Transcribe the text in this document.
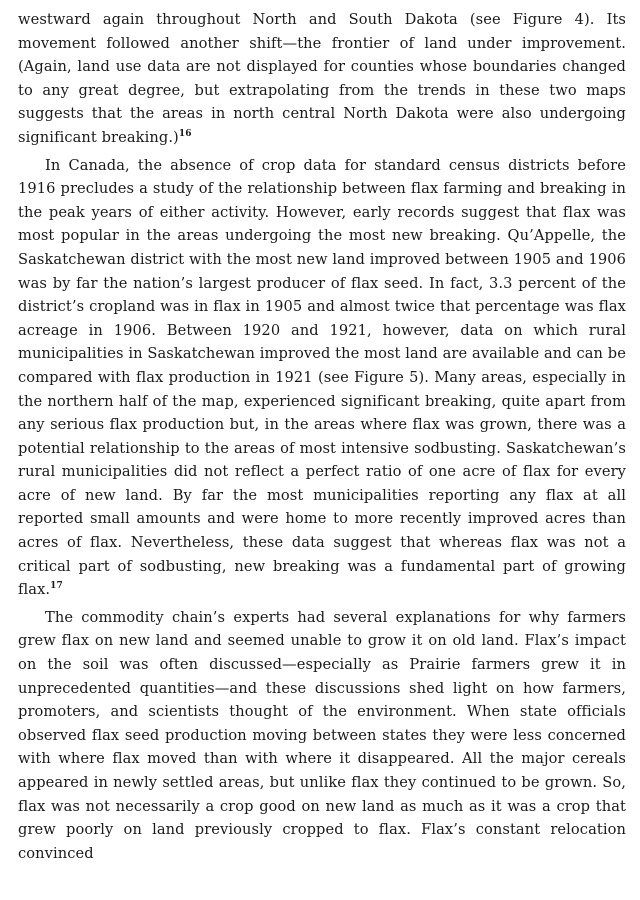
westward again throughout North and South Dakota (see Figure 4). Its movement followed another shift—the frontier of land under improvement. (Again, land use data are not displayed for counties whose boundaries changed to any great degree, but extrapolating from the trends in these two maps suggests that the areas in north central North Dakota were also undergoing significant breaking.)$^{16}$

In Canada, the absence of crop data for standard census districts before 1916 precludes a study of the relationship between flax farming and breaking in the peak years of either activity. However, early records suggest that flax was most popular in the areas undergoing the most new breaking. Qu’Appelle, the Saskatchewan district with the most new land improved between 1905 and 1906 was by far the nation’s largest producer of flax seed. In fact, 3.3 percent of the district’s cropland was in flax in 1905 and almost twice that percentage was flax acreage in 1906. Between 1920 and 1921, however, data on which rural municipalities in Saskatchewan improved the most land are available and can be compared with flax production in 1921 (see Figure 5). Many areas, especially in the northern half of the map, experienced significant breaking, quite apart from any serious flax production but, in the areas where flax was grown, there was a potential relationship to the areas of most intensive sodbusting. Saskatchewan’s rural municipalities did not reflect a perfect ratio of one acre of flax for every acre of new land. By far the most municipalities reporting any flax at all reported small amounts and were home to more recently improved acres than acres of flax. Nevertheless, these data suggest that whereas flax was not a critical part of sodbusting, new breaking was a fundamental part of growing flax.$^{17}$

The commodity chain’s experts had several explanations for why farmers grew flax on new land and seemed unable to grow it on old land. Flax’s impact on the soil was often discussed—especially as Prairie farmers grew it in unprecedented quantities—and these discussions shed light on how farmers, promoters, and scientists thought of the environment. When state officials observed flax seed production moving between states they were less concerned with where flax moved than with where it disappeared. All the major cereals appeared in newly settled areas, but unlike flax they continued to be grown. So, flax was not necessarily a crop good on new land as much as it was a crop that grew poorly on land previously cropped to flax. Flax’s constant relocation convinced
